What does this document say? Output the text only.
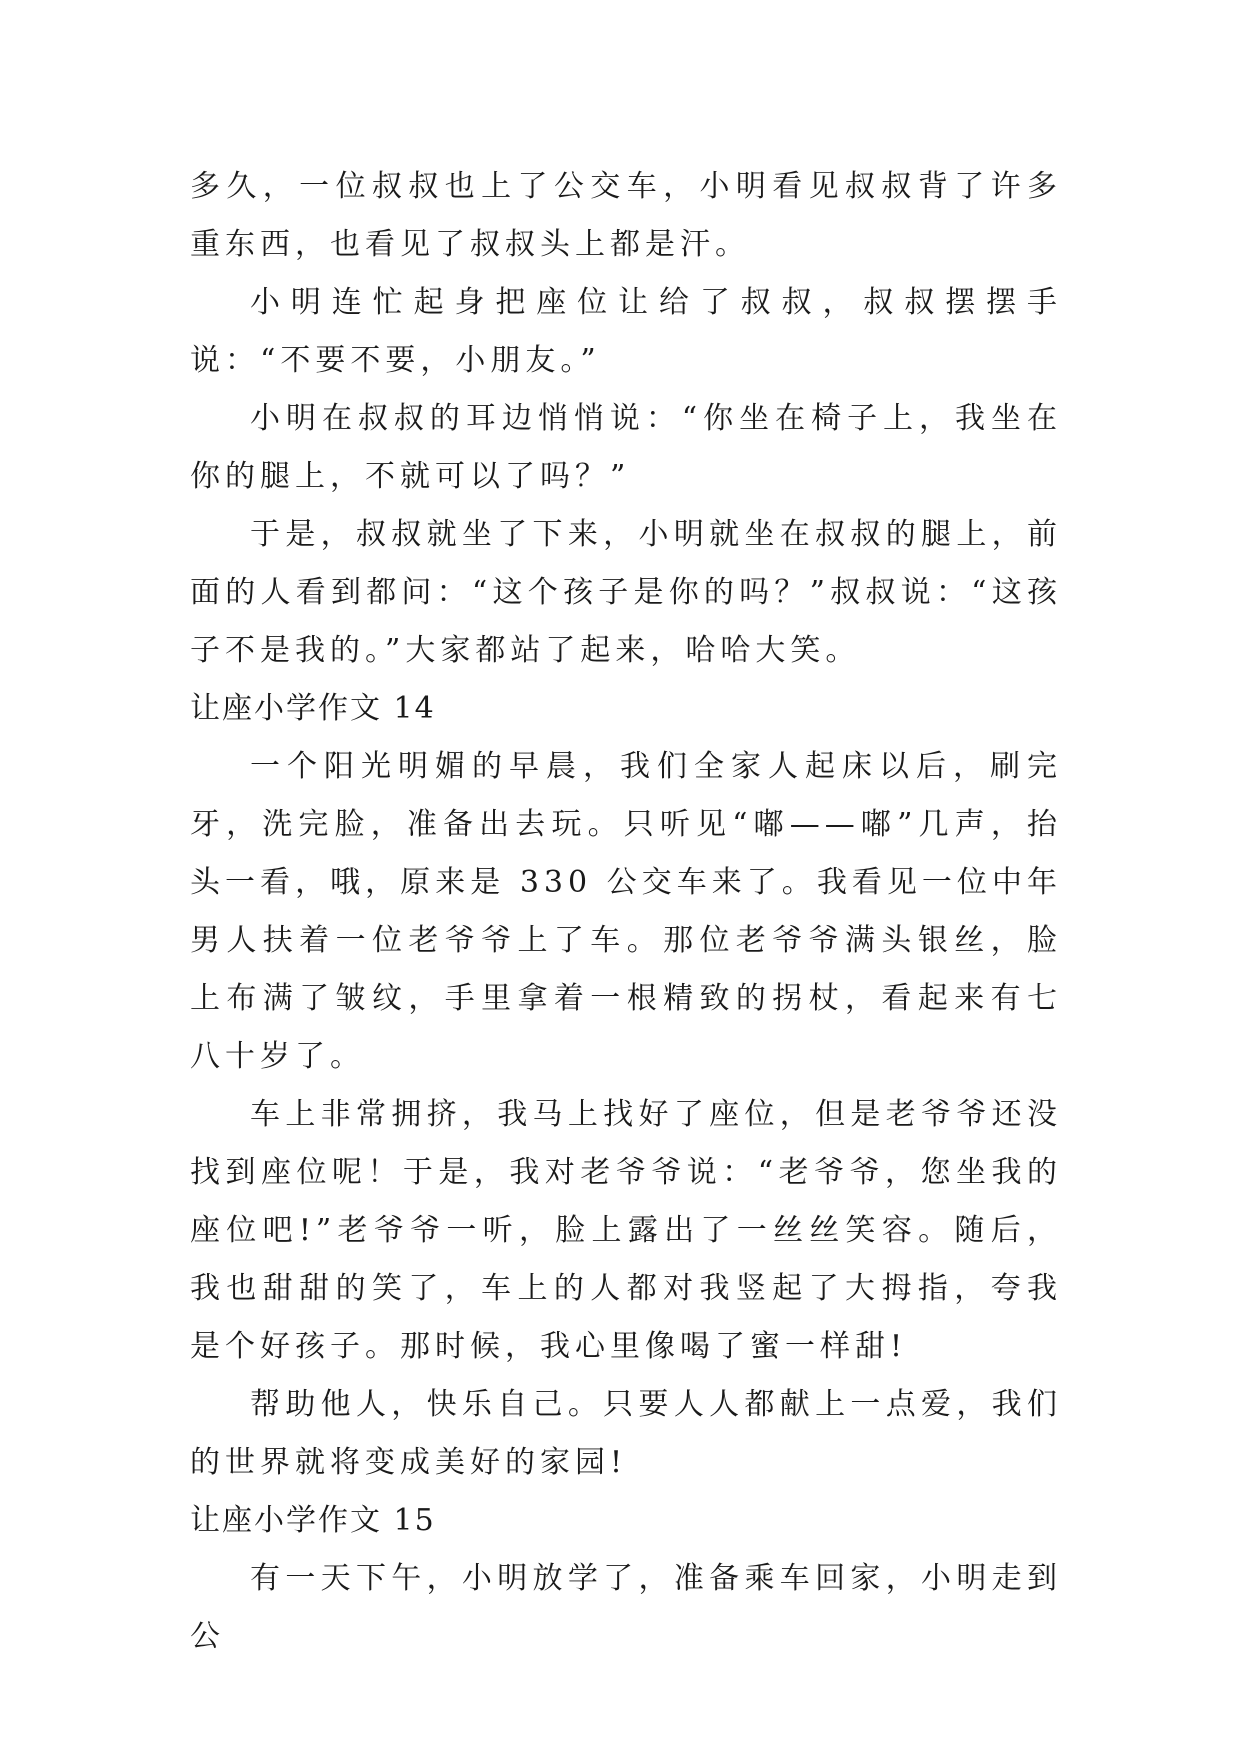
多久，一位叔叔也上了公交车，小明看见叔叔背了许多重东西，也看见了叔叔头上都是汗。

小明连忙起身把座位让给了叔叔，叔叔摆摆手说：“不要不要，小朋友。”

小明在叔叔的耳边悄悄说：“你坐在椅子上，我坐在你的腿上，不就可以了吗？”

于是，叔叔就坐了下来，小明就坐在叔叔的腿上，前面的人看到都问：“这个孩子是你的吗？”叔叔说：“这孩子不是我的。”大家都站了起来，哈哈大笑。

让座小学作文 14

一个阳光明媚的早晨，我们全家人起床以后，刷完牙，洗完脸，准备出去玩。只听见“嘟——嘟”几声，抬头一看，哦，原来是 330 公交车来了。我看见一位中年男人扶着一位老爷爷上了车。那位老爷爷满头银丝，脸上布满了皱纹，手里拿着一根精致的拐杖，看起来有七八十岁了。

车上非常拥挤，我马上找好了座位，但是老爷爷还没找到座位呢！于是，我对老爷爷说：“老爷爷，您坐我的座位吧!”老爷爷一听，脸上露出了一丝丝笑容。随后，我也甜甜的笑了，车上的人都对我竖起了大拇指，夸我是个好孩子。那时候，我心里像喝了蜜一样甜!

帮助他人，快乐自己。只要人人都献上一点爱，我们的世界就将变成美好的家园!

让座小学作文 15

有一天下午，小明放学了，准备乘车回家，小明走到公
